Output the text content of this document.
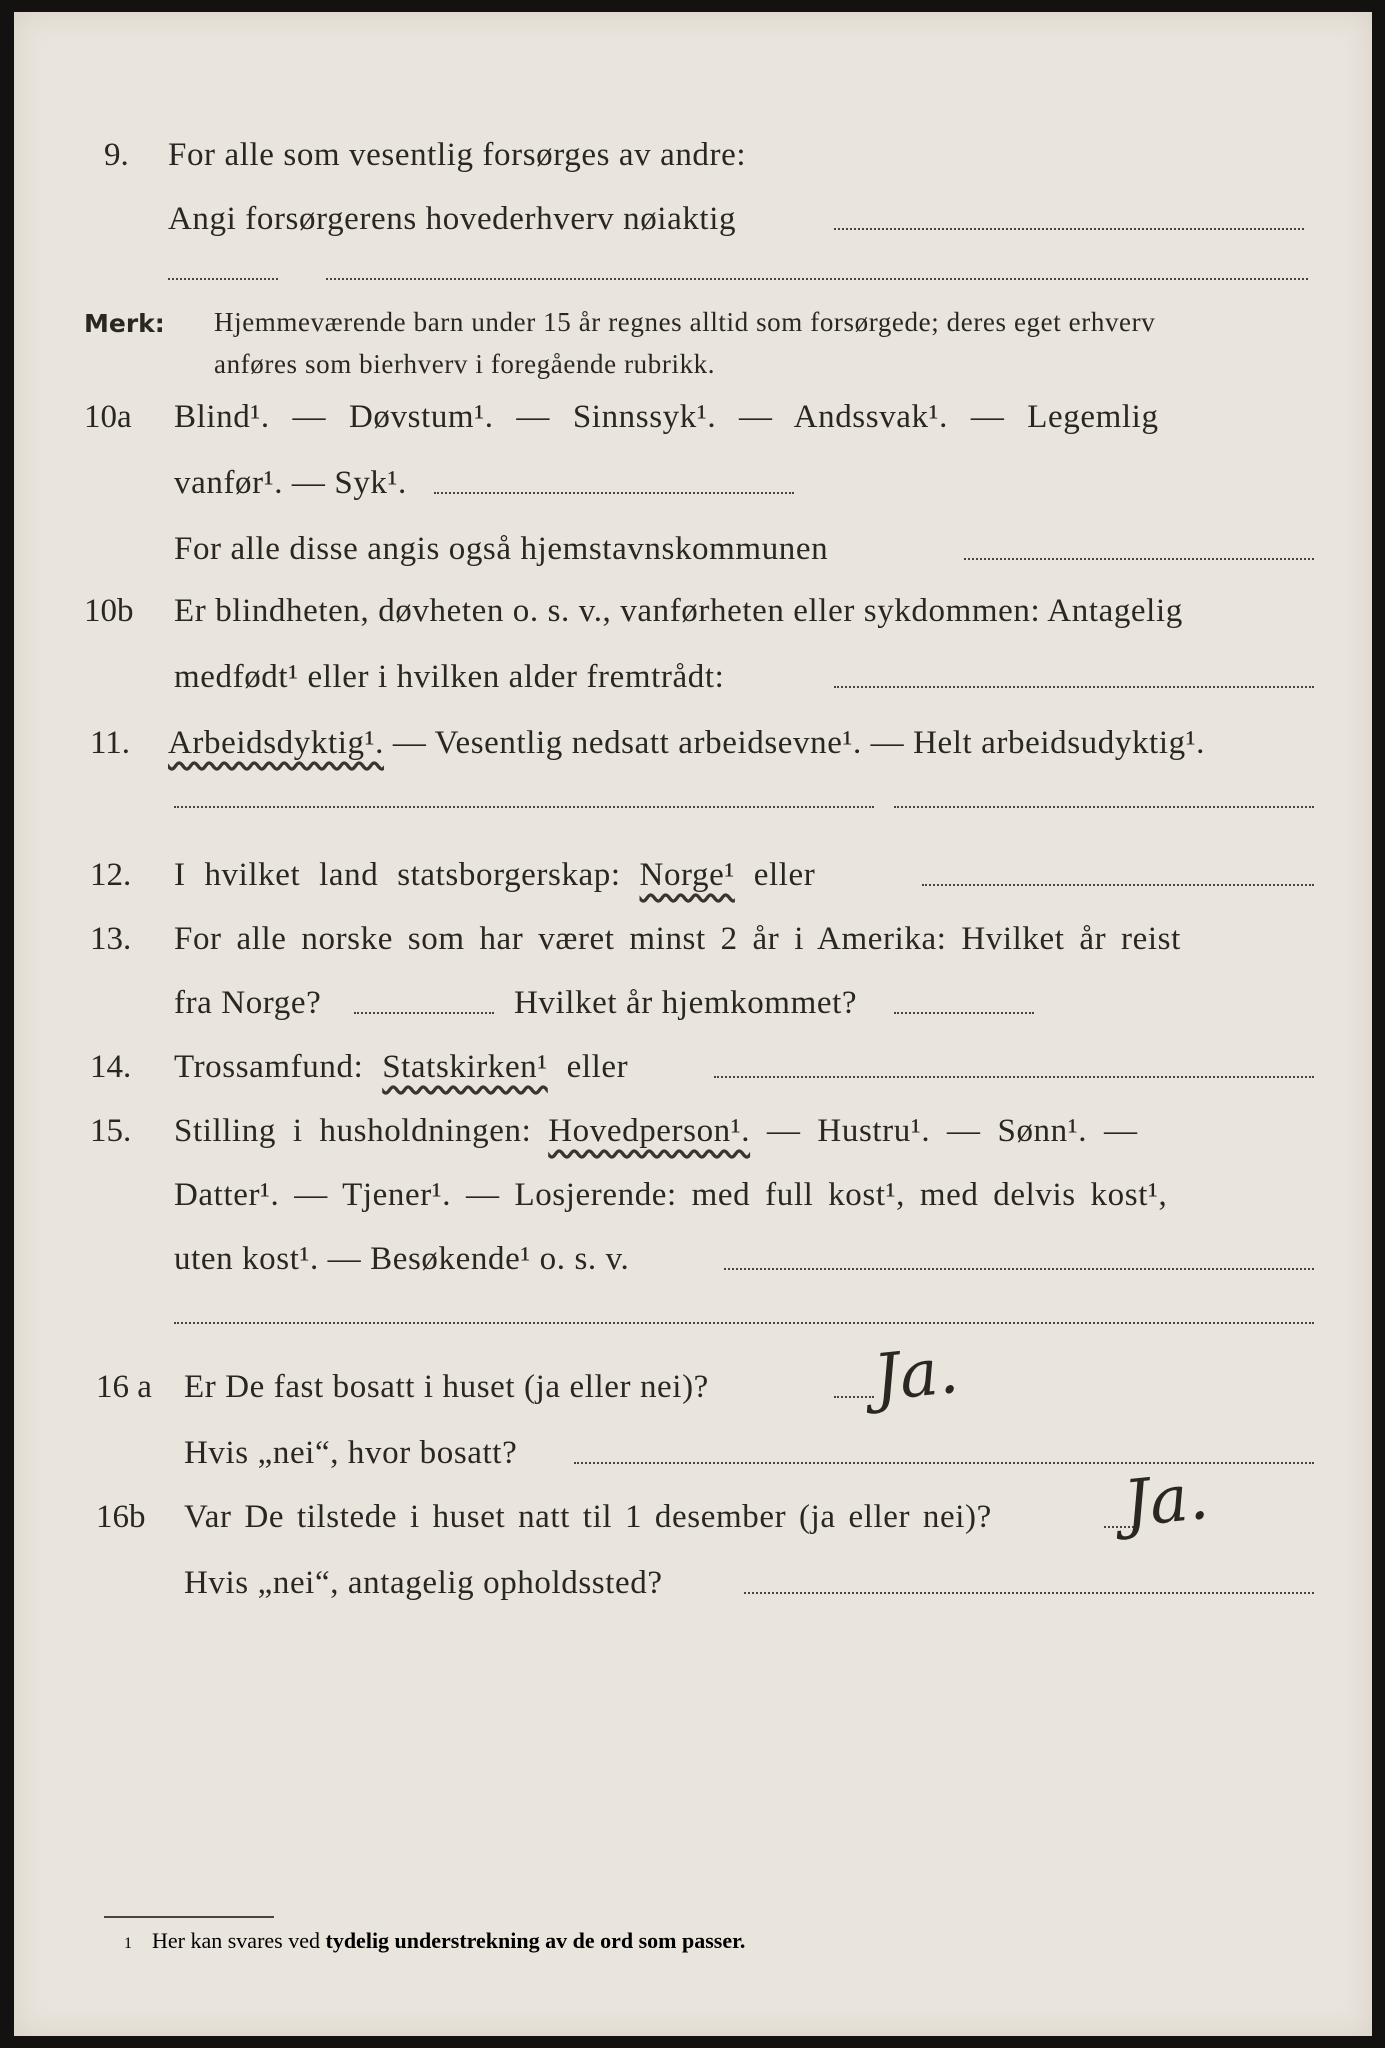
9. For alle som vesentlig forsørges av andre:
Angi forsørgerens hovederhverv nøiaktig
Merk: Hjemmeværende barn under 15 år regnes alltid som forsørgede; deres eget erhverv
anføres som bierhverv i foregående rubrikk.
10a Blind¹. — Døvstum¹. — Sinnssyk¹. — Andssvak¹. — Legemlig
vanfør¹. — Syk¹.
For alle disse angis også hjemstavnskommunen
10b Er blindheten, døvheten o. s. v., vanførheten eller sykdommen: Antagelig
medfødt¹ eller i hvilken alder fremtrådt:
11. Arbeidsdyktig¹. — Vesentlig nedsatt arbeidsevne¹. — Helt arbeidsudyktig¹.
12. I hvilket land statsborgerskap: Norge¹ eller
13. For alle norske som har været minst 2 år i Amerika: Hvilket år reist
fra Norge?	Hvilket år hjemkommet?
14. Trossamfund: Statskirken¹ eller
15. Stilling i husholdningen: Hovedperson¹. — Hustru¹. — Sønn¹. —
Datter¹. — Tjener¹. — Losjerende: med full kost¹, med delvis kost¹,
uten kost¹. — Besøkende¹ o. s. v.
16 a Er De fast bosatt i huset (ja eller nei)?	Ja.
Hvis „nei“, hvor bosatt?
16b Var De tilstede i huset natt til 1 desember (ja eller nei)? Ja.
Hvis „nei“, antagelig opholdssted?
1 Her kan svares ved tydelig understrekning av de ord som passer.
